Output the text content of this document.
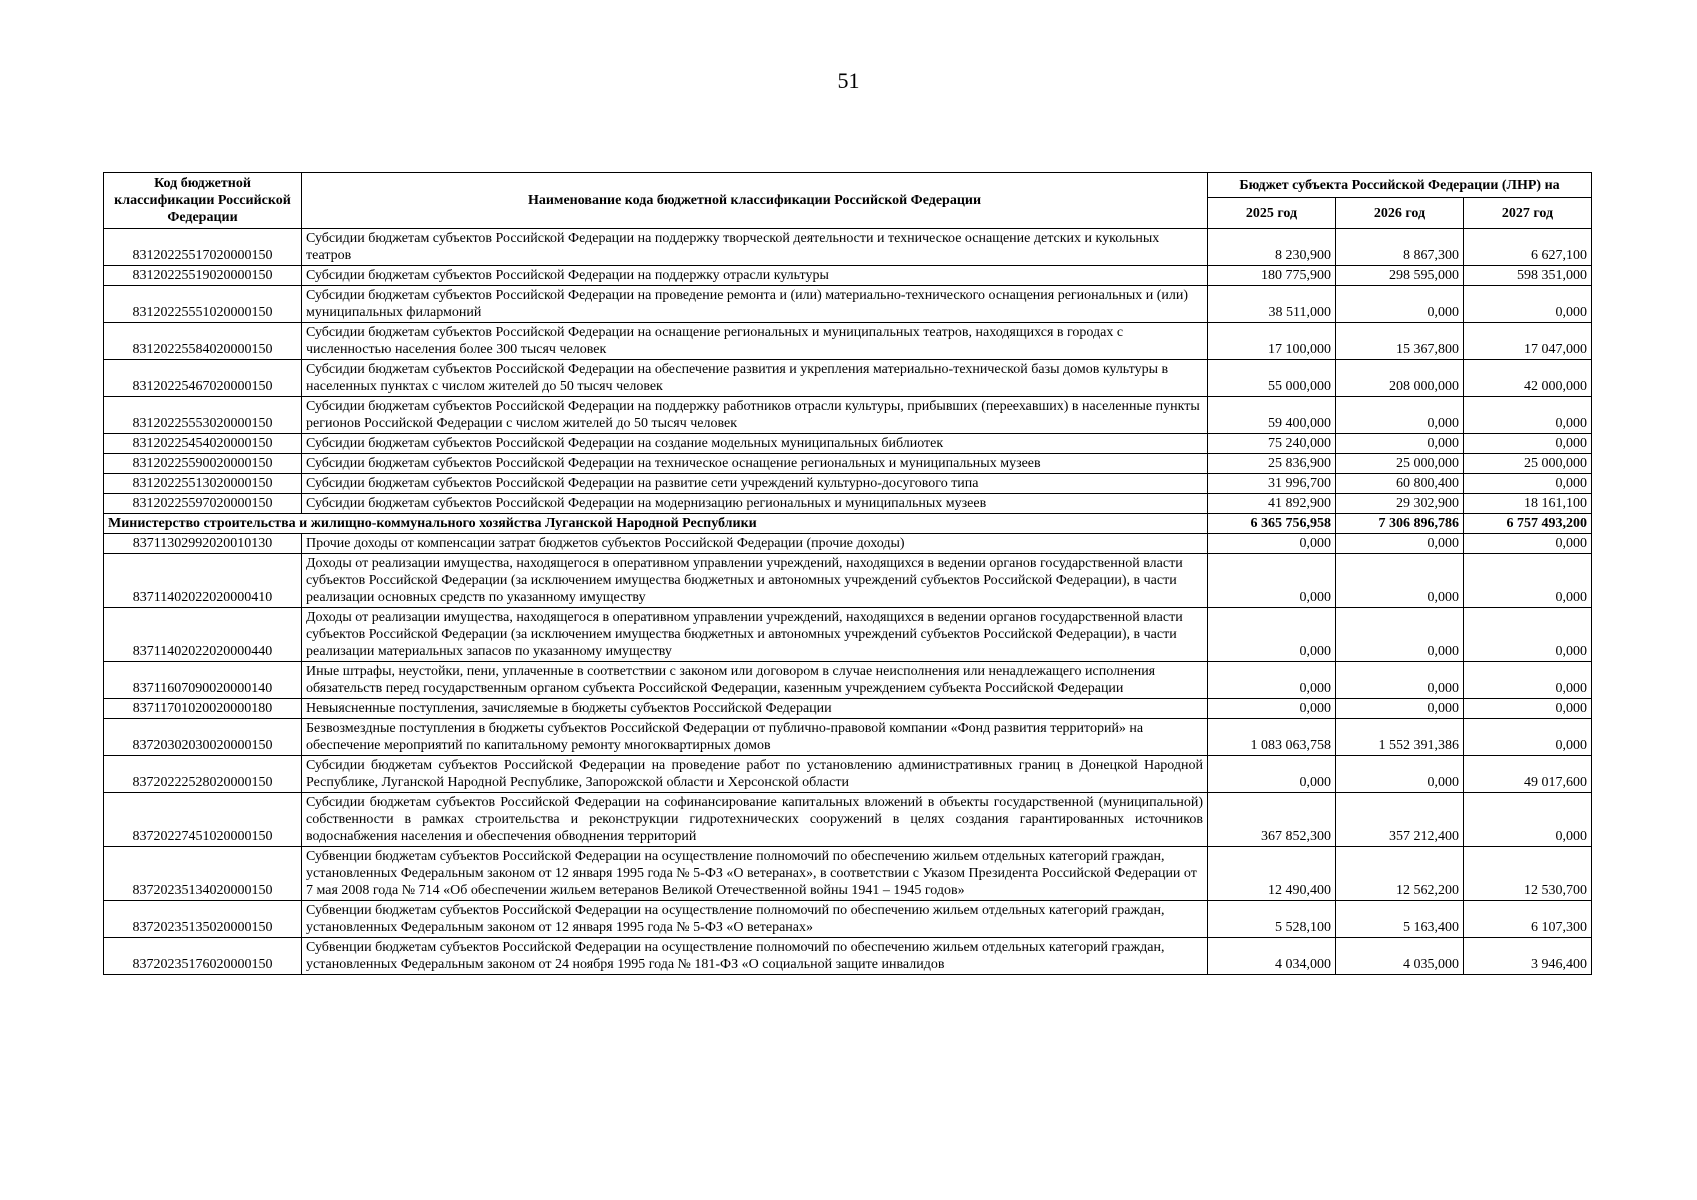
51
Код бюджетной классификации Российской Федерации	Наименование кода бюджетной классификации Российской Федерации	Бюджет субъекта Российской Федерации (ЛНР) на		
		2025 год	2026 год	2027 год
83120225517020000150	Субсидии бюджетам субъектов Российской Федерации на поддержку творческой деятельности и техническое оснащение детских и кукольных театров	8 230,900	8 867,300	6 627,100
83120225519020000150	Субсидии бюджетам субъектов Российской Федерации на поддержку отрасли культуры	180 775,900	298 595,000	598 351,000
83120225551020000150	Субсидии бюджетам субъектов Российской Федерации на проведение ремонта и (или) материально-технического оснащения региональных и (или) муниципальных филармоний	38 511,000	0,000	0,000
83120225584020000150	Субсидии бюджетам субъектов Российской Федерации на оснащение региональных и муниципальных театров, находящихся в городах с численностью населения более 300 тысяч человек	17 100,000	15 367,800	17 047,000
83120225467020000150	Субсидии бюджетам субъектов Российской Федерации на обеспечение развития и укрепления материально-технической базы домов культуры в населенных пунктах с числом жителей до 50 тысяч человек	55 000,000	208 000,000	42 000,000
83120225553020000150	Субсидии бюджетам субъектов Российской Федерации на поддержку работников отрасли культуры, прибывших (переехавших) в населенные пункты регионов Российской Федерации с числом жителей до 50 тысяч человек	59 400,000	0,000	0,000
83120225454020000150	Субсидии бюджетам субъектов Российской Федерации на создание модельных муниципальных библиотек	75 240,000	0,000	0,000
83120225590020000150	Субсидии бюджетам субъектов Российской Федерации на техническое оснащение региональных и муниципальных музеев	25 836,900	25 000,000	25 000,000
83120225513020000150	Субсидии бюджетам субъектов Российской Федерации на развитие сети учреждений культурно-досугового типа	31 996,700	60 800,400	0,000
83120225597020000150	Субсидии бюджетам субъектов Российской Федерации на модернизацию региональных и муниципальных музеев	41 892,900	29 302,900	18 161,100
Министерство строительства и жилищно-коммунального хозяйства Луганской Народной Республики		6 365 756,958	7 306 896,786	6 757 493,200
83711302992020010130	Прочие доходы от компенсации затрат бюджетов субъектов Российской Федерации (прочие доходы)	0,000	0,000	0,000
83711402022020000410	Доходы от реализации имущества, находящегося в оперативном управлении учреждений, находящихся в ведении органов государственной власти субъектов Российской Федерации (за исключением имущества бюджетных и автономных учреждений субъектов Российской Федерации), в части реализации основных средств по указанному имуществу	0,000	0,000	0,000
83711402022020000440	Доходы от реализации имущества, находящегося в оперативном управлении учреждений, находящихся в ведении органов государственной власти субъектов Российской Федерации (за исключением имущества бюджетных и автономных учреждений субъектов Российской Федерации), в части реализации материальных запасов по указанному имуществу	0,000	0,000	0,000
83711607090020000140	Иные штрафы, неустойки, пени, уплаченные в соответствии с законом или договором в случае неисполнения или ненадлежащего исполнения обязательств перед государственным органом субъекта Российской Федерации, казенным учреждением субъекта Российской Федерации	0,000	0,000	0,000
83711701020020000180	Невыясненные поступления, зачисляемые в бюджеты субъектов Российской Федерации	0,000	0,000	0,000
83720302030020000150	Безвозмездные поступления в бюджеты субъектов Российской Федерации от публично-правовой компании «Фонд развития территорий» на обеспечение мероприятий по капитальному ремонту многоквартирных домов	1 083 063,758	1 552 391,386	0,000
83720222528020000150	Субсидии бюджетам субъектов Российской Федерации на проведение работ по установлению административных границ в Донецкой Народной Республике, Луганской Народной Республике, Запорожской области и Херсонской области	0,000	0,000	49 017,600
83720227451020000150	Субсидии бюджетам субъектов Российской Федерации на софинансирование капитальных вложений в объекты государственной (муниципальной) собственности в рамках строительства и реконструкции гидротехнических сооружений в целях создания гарантированных источников водоснабжения населения и обеспечения обводнения территорий	367 852,300	357 212,400	0,000
83720235134020000150	Субвенции бюджетам субъектов Российской Федерации на осуществление полномочий по обеспечению жильем отдельных категорий граждан, установленных Федеральным законом от 12 января 1995 года № 5-ФЗ «О ветеранах», в соответствии с Указом Президента Российской Федерации от 7 мая 2008 года № 714 «Об обеспечении жильем ветеранов Великой Отечественной войны 1941 – 1945 годов»	12 490,400	12 562,200	12 530,700
83720235135020000150	Субвенции бюджетам субъектов Российской Федерации на осуществление полномочий по обеспечению жильем отдельных категорий граждан, установленных Федеральным законом от 12 января 1995 года № 5-ФЗ «О ветеранах»	5 528,100	5 163,400	6 107,300
83720235176020000150	Субвенции бюджетам субъектов Российской Федерации на осуществление полномочий по обеспечению жильем отдельных категорий граждан, установленных Федеральным законом от 24 ноября 1995 года № 181-ФЗ «О социальной защите инвалидов	4 034,000	4 035,000	3 946,400
